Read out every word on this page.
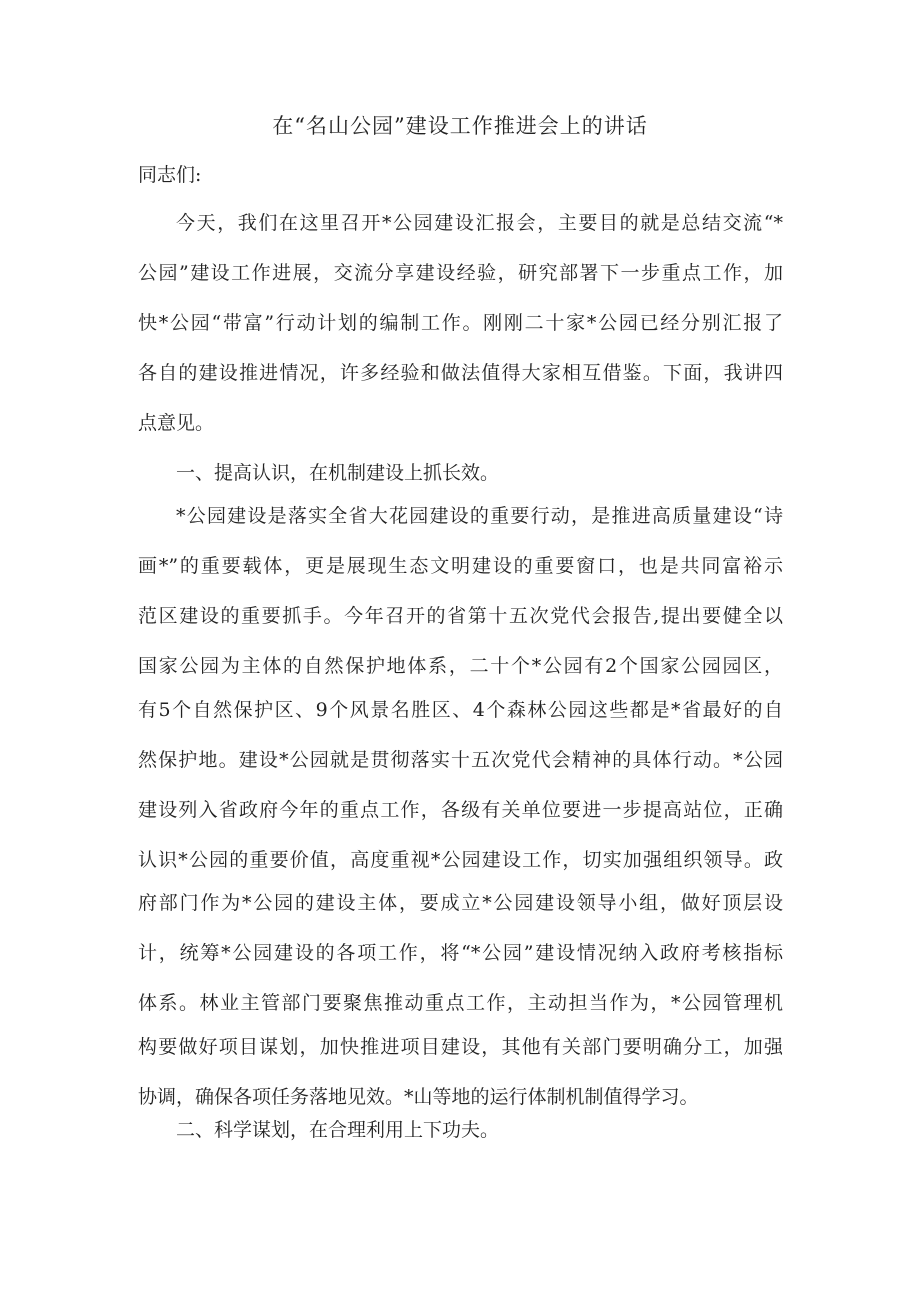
在“名山公园”建设工作推进会上的讲话
同志们:
今天，我们在这里召开*公园建设汇报会，主要目的就是总结交流“*
公园”建设工作进展，交流分享建设经验，研究部署下一步重点工作，加
快*公园“带富”行动计划的编制工作。刚刚二十家*公园已经分别汇报了
各自的建设推进情况，许多经验和做法值得大家相互借鉴。下面，我讲四
点意见。
一、提高认识，在机制建设上抓长效。
*公园建设是落实全省大花园建设的重要行动，是推进高质量建设“诗
画*”的重要载体，更是展现生态文明建设的重要窗口，也是共同富裕示
范区建设的重要抓手。今年召开的省第十五次党代会报告,提出要健全以
国家公园为主体的自然保护地体系，二十个*公园有2个国家公园园区，
有5个自然保护区、9个风景名胜区、4个森林公园这些都是*省最好的自
然保护地。建设*公园就是贯彻落实十五次党代会精神的具体行动。*公园
建设列入省政府今年的重点工作，各级有关单位要进一步提高站位，正确
认识*公园的重要价值，高度重视*公园建设工作，切实加强组织领导。政
府部门作为*公园的建设主体，要成立*公园建设领导小组，做好顶层设
计，统筹*公园建设的各项工作，将“*公园”建设情况纳入政府考核指标
体系。林业主管部门要聚焦推动重点工作，主动担当作为，*公园管理机
构要做好项目谋划，加快推进项目建设，其他有关部门要明确分工，加强
协调，确保各项任务落地见效。*山等地的运行体制机制值得学习。
二、科学谋划，在合理利用上下功夫。
